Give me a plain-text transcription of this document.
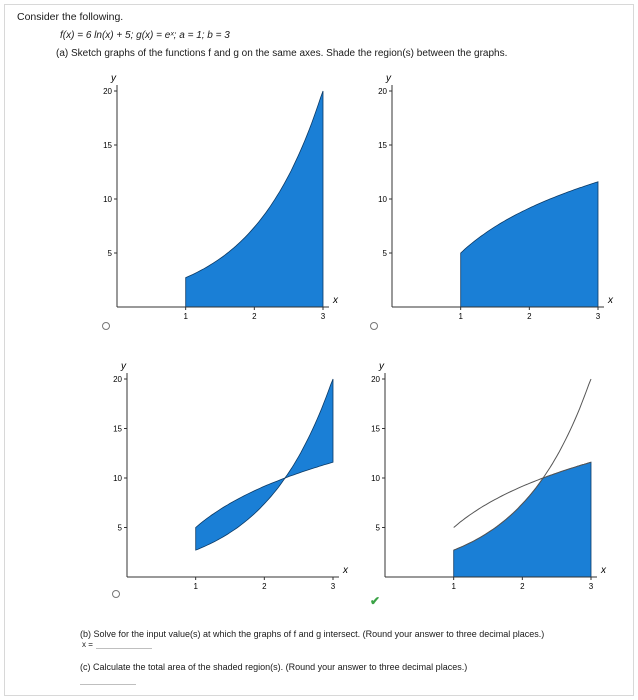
Consider the following.
f(x) = 6 ln(x) + 5; g(x) = eˣ; a = 1; b = 3
(a) Sketch graphs of the functions f and g on the same axes. Shade the region(s) between the graphs.
y
x
5
10
15
20
1	2	3
y
x
5
10
15
20
1	2	3
y
x
5
10
15
20
1	2	3
y
x
5
10
15
20
1	2	3
✔
(b) Solve for the input value(s) at which the graphs of f and g intersect. (Round your answer to three decimal places.)
x =
(c) Calculate the total area of the shaded region(s). (Round your answer to three decimal places.)
